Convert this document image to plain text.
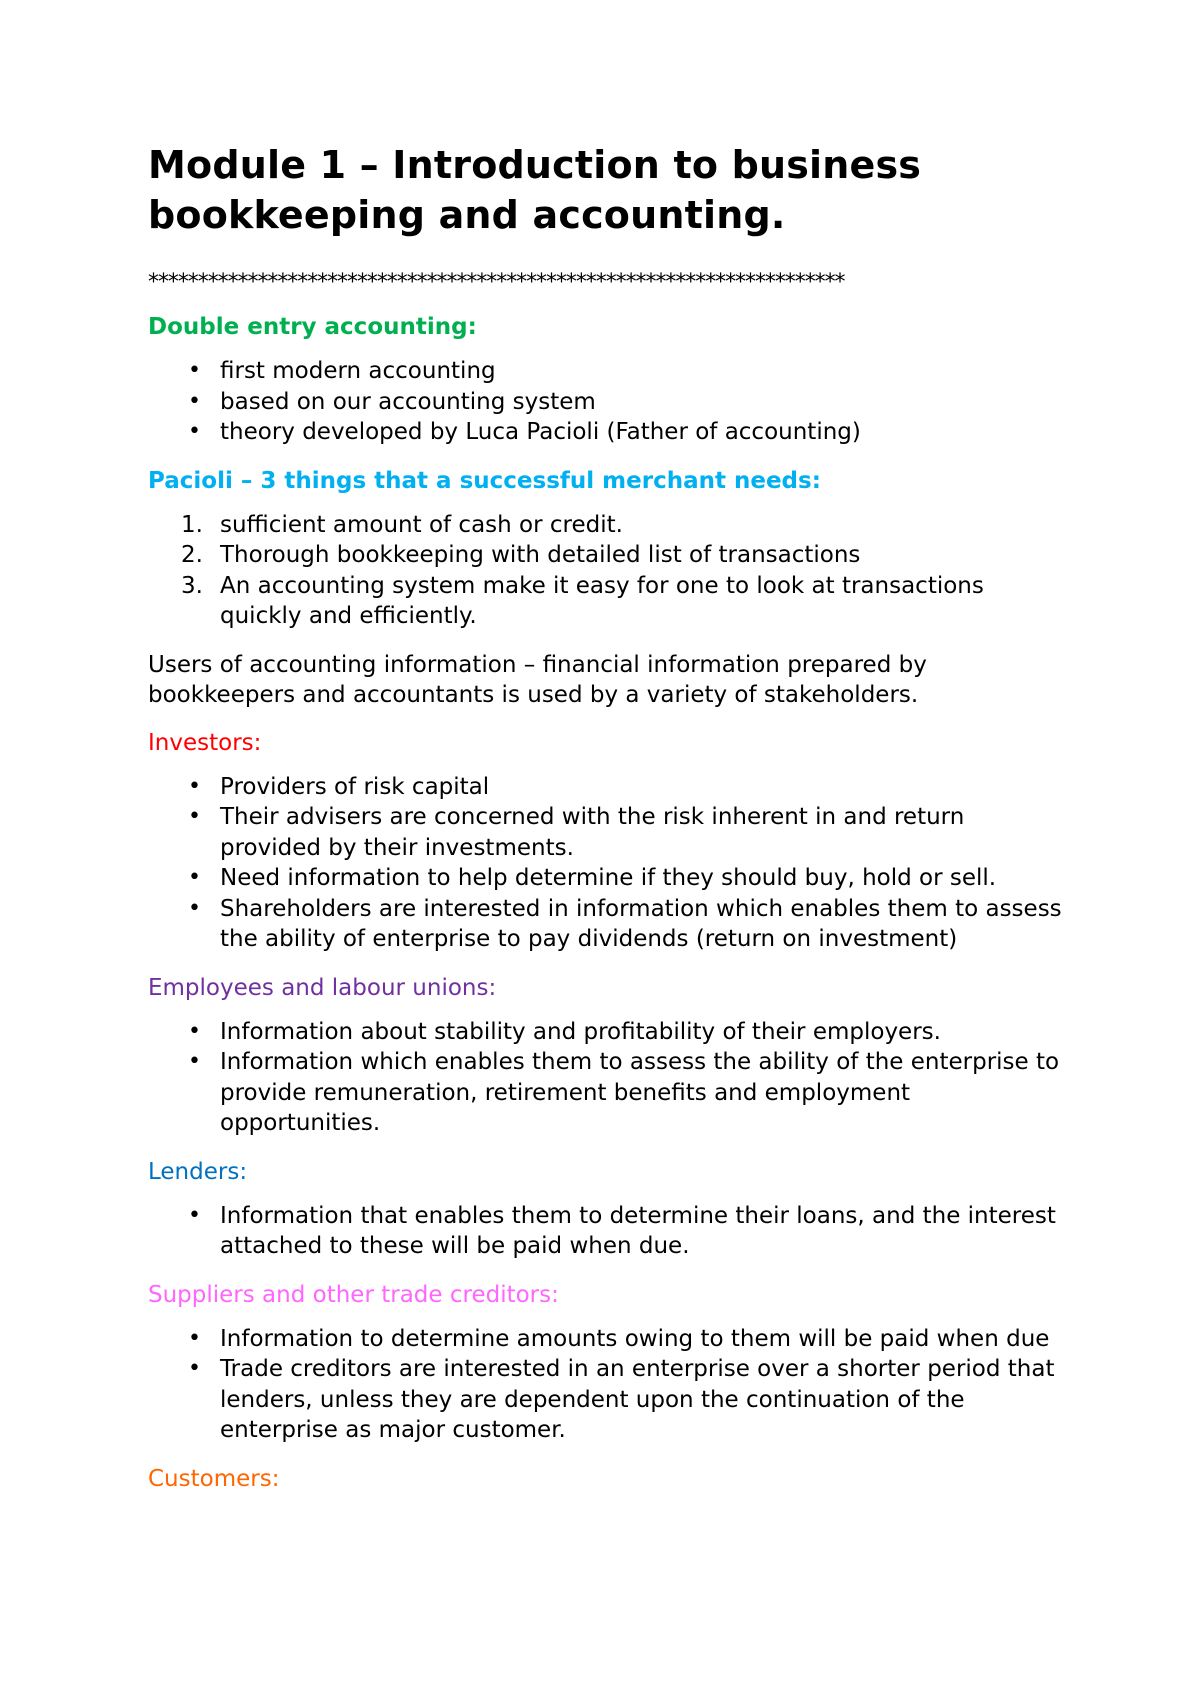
Module 1 – Introduction to business bookkeeping and accounting.
**********************************************************************

Double entry accounting:

• first modern accounting
• based on our accounting system
• theory developed by Luca Pacioli (Father of accounting)

Pacioli – 3 things that a successful merchant needs:

1. sufficient amount of cash or credit.
2. Thorough bookkeeping with detailed list of transactions
3. An accounting system make it easy for one to look at transactions quickly and efficiently.

Users of accounting information – financial information prepared by bookkeepers and accountants is used by a variety of stakeholders.

Investors:

• Providers of risk capital
• Their advisers are concerned with the risk inherent in and return provided by their investments.
• Need information to help determine if they should buy, hold or sell.
• Shareholders are interested in information which enables them to assess the ability of enterprise to pay dividends (return on investment)

Employees and labour unions:

• Information about stability and profitability of their employers.
• Information which enables them to assess the ability of the enterprise to provide remuneration, retirement benefits and employment opportunities.

Lenders:

• Information that enables them to determine their loans, and the interest attached to these will be paid when due.

Suppliers and other trade creditors:

• Information to determine amounts owing to them will be paid when due
• Trade creditors are interested in an enterprise over a shorter period that lenders, unless they are dependent upon the continuation of the enterprise as major customer.

Customers:
